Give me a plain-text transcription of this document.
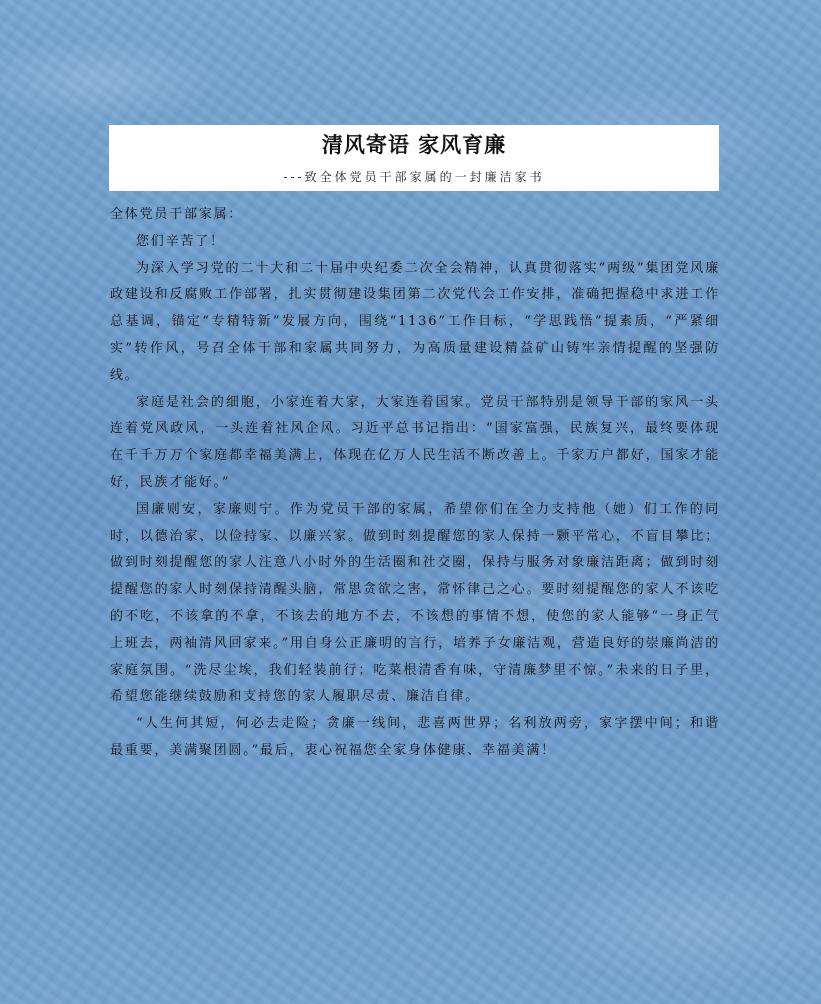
清风寄语 家风育廉
---致全体党员干部家属的一封廉洁家书

全体党员干部家属：

您们辛苦了！

为深入学习党的二十大和二十届中央纪委二次全会精神，认真贯彻落实“两级”集团党风廉政建设和反腐败工作部署，扎实贯彻建设集团第二次党代会工作安排，准确把握稳中求进工作总基调，锚定“专精特新”发展方向，围绕“1136”工作目标，“学思践悟”提素质，“严紧细实”转作风，号召全体干部和家属共同努力，为高质量建设精益矿山铸牢亲情提醒的坚强防线。

家庭是社会的细胞，小家连着大家，大家连着国家。党员干部特别是领导干部的家风一头连着党风政风，一头连着社风企风。习近平总书记指出：“国家富强，民族复兴，最终要体现在千千万万个家庭都幸福美满上，体现在亿万人民生活不断改善上。千家万户都好，国家才能好，民族才能好。”

国廉则安，家廉则宁。作为党员干部的家属，希望你们在全力支持他（她）们工作的同时，以德治家、以俭持家、以廉兴家。做到时刻提醒您的家人保持一颗平常心，不盲目攀比；做到时刻提醒您的家人注意八小时外的生活圈和社交圈，保持与服务对象廉洁距离；做到时刻提醒您的家人时刻保持清醒头脑，常思贪欲之害，常怀律己之心。要时刻提醒您的家人不该吃的不吃，不该拿的不拿，不该去的地方不去，不该想的事情不想，使您的家人能够“一身正气上班去，两袖清风回家来。”用自身公正廉明的言行，培养子女廉洁观，营造良好的崇廉尚洁的家庭氛围。“洗尽尘埃，我们轻装前行；吃菜根清香有味，守清廉梦里不惊。”未来的日子里，希望您能继续鼓励和支持您的家人履职尽责、廉洁自律。

“人生何其短，何必去走险；贪廉一线间，悲喜两世界；名利放两旁，家字摆中间；和谐最重要，美满聚团圆。”最后，衷心祝福您全家身体健康、幸福美满！
